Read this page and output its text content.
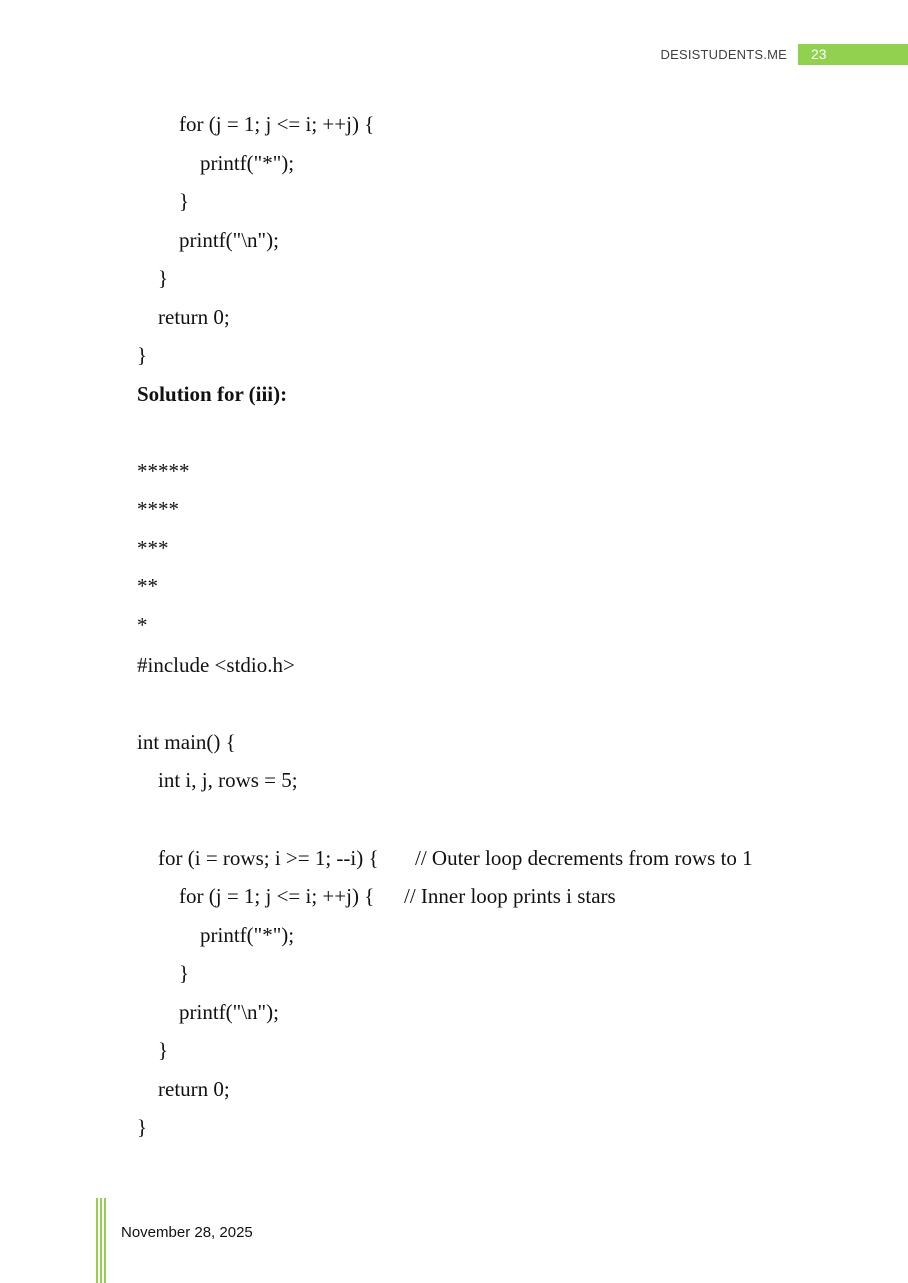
DESISTUDENTS.ME	23
for (j = 1; j <= i; ++j) {
printf("*");
}
printf("\n");
}
return 0;
}
Solution for (iii):
*****
****
***
**
*
#include <stdio.h>
int main() {
int i, j, rows = 5;
for (i = rows; i >= 1; --i) { // Outer loop decrements from rows to 1
for (j = 1; j <= i; ++j) { // Inner loop prints i stars
printf("*");
}
printf("\n");
}
return 0;
}
November 28, 2025
